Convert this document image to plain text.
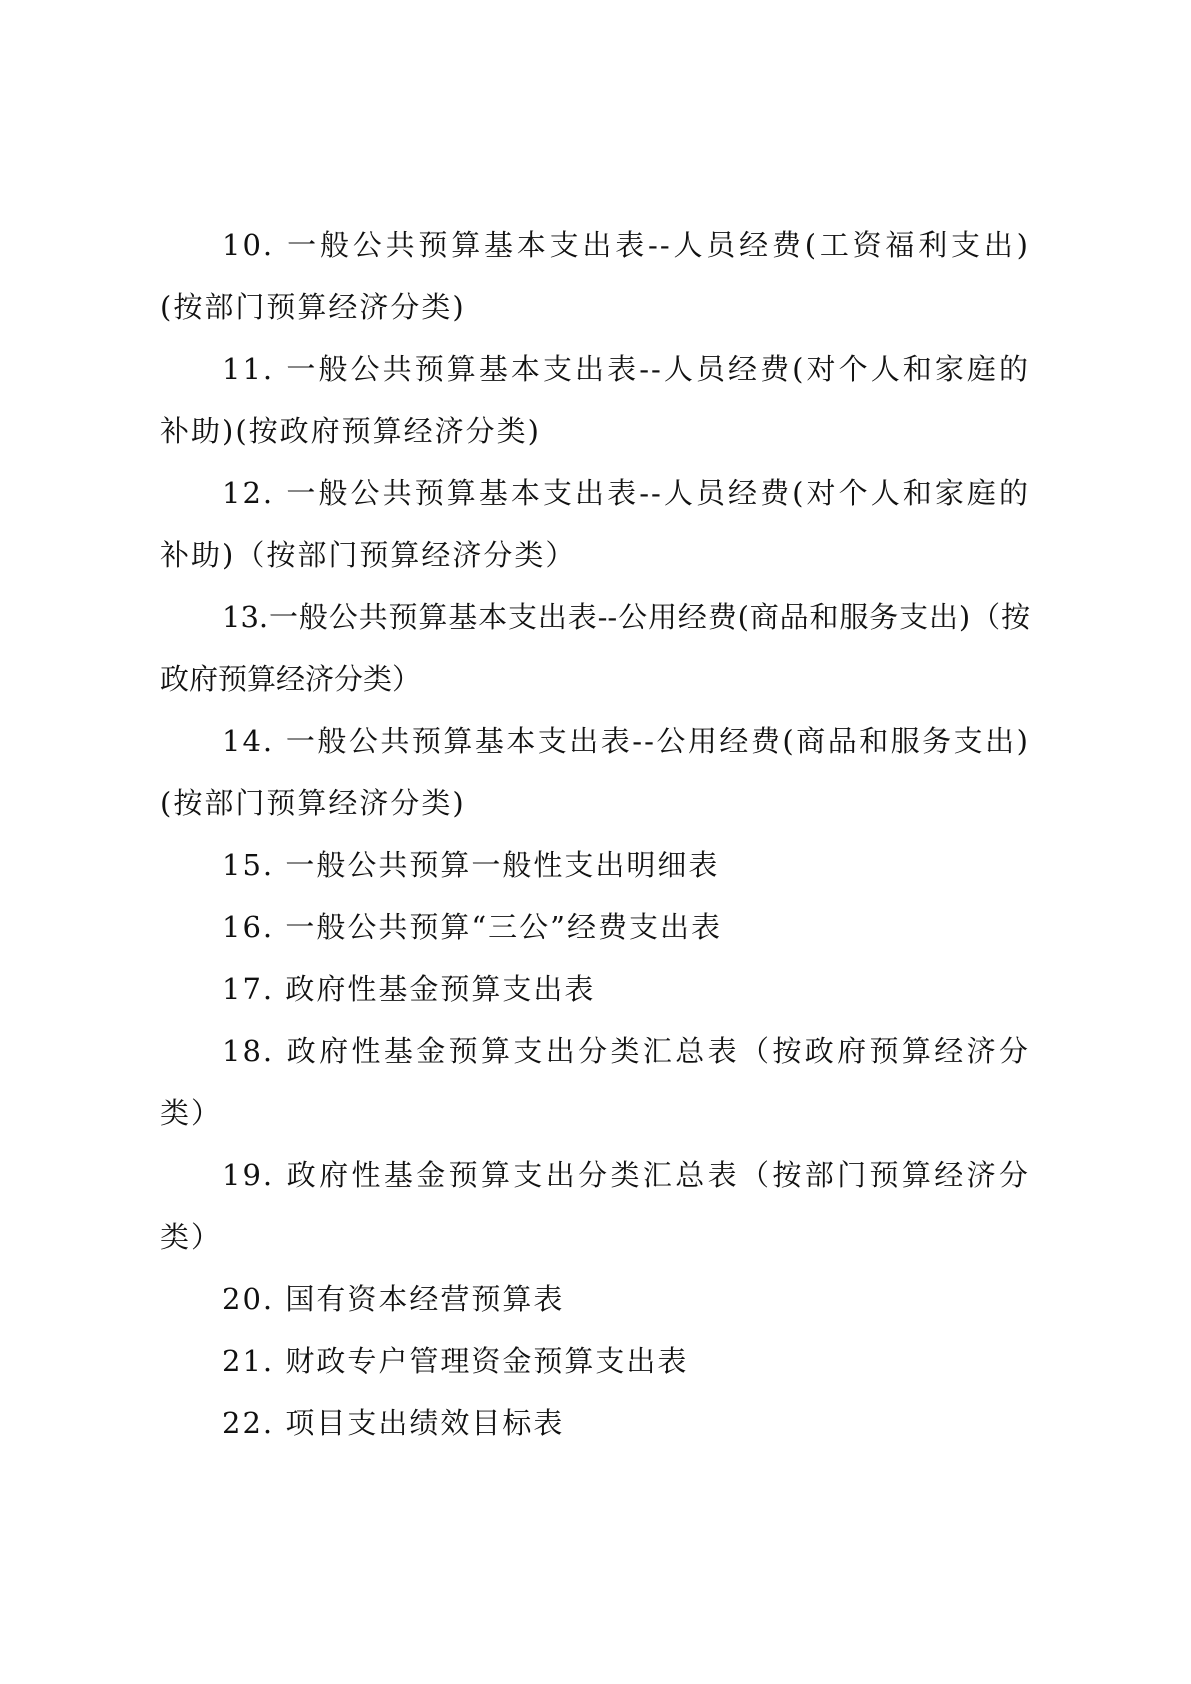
10. 一般公共预算基本支出表--人员经费(工资福利支出)(按部门预算经济分类)

11. 一般公共预算基本支出表--人员经费(对个人和家庭的补助)(按政府预算经济分类)

12. 一般公共预算基本支出表--人员经费(对个人和家庭的补助)（按部门预算经济分类）

13.一般公共预算基本支出表--公用经费(商品和服务支出)（按政府预算经济分类）

14. 一般公共预算基本支出表--公用经费(商品和服务支出)(按部门预算经济分类)

15. 一般公共预算一般性支出明细表

16. 一般公共预算“三公”经费支出表

17. 政府性基金预算支出表

18. 政府性基金预算支出分类汇总表（按政府预算经济分类）

19. 政府性基金预算支出分类汇总表（按部门预算经济分类）

20. 国有资本经营预算表

21. 财政专户管理资金预算支出表

22. 项目支出绩效目标表
